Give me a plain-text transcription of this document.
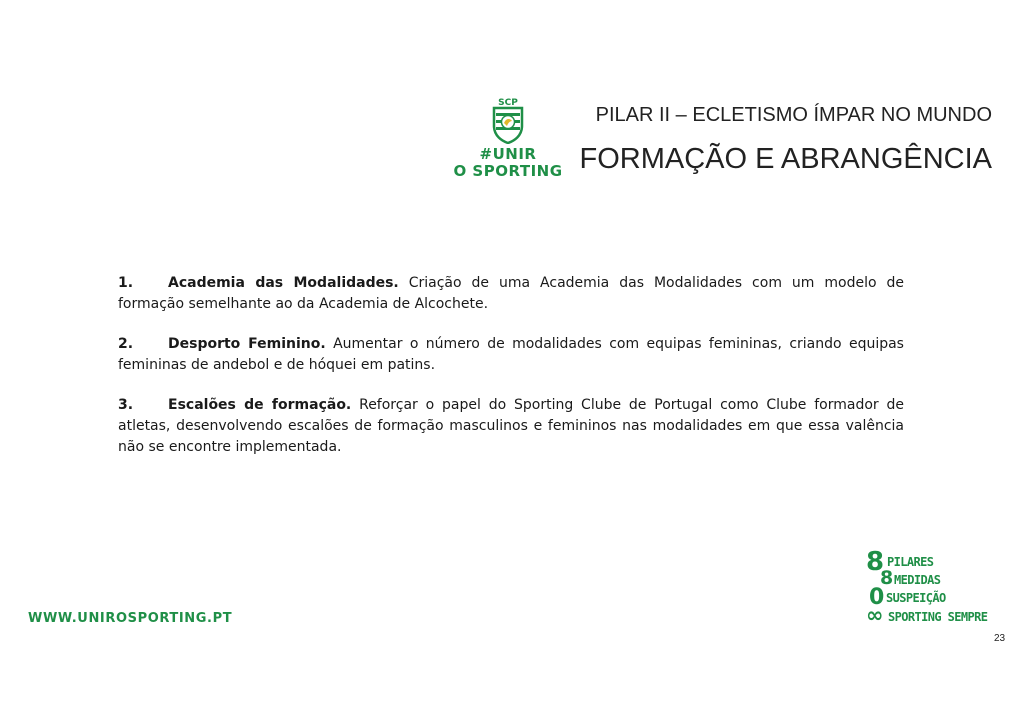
SCP
#UNIR
O SPORTING
PILAR II – ECLETISMO ÍMPAR NO MUNDO
FORMAÇÃO E ABRANGÊNCIA

1. Academia das Modalidades. Criação de uma Academia das Modalidades com um modelo de formação semelhante ao da Academia de Alcochete.

2. Desporto Feminino. Aumentar o número de modalidades com equipas femininas, criando equipas femininas de andebol e de hóquei em patins.

3. Escalões de formação. Reforçar o papel do Sporting Clube de Portugal como Clube formador de atletas, desenvolvendo escalões de formação masculinos e femininos nas modalidades em que essa valência não se encontre implementada.

WWW.UNIROSPORTING.PT
8 PILARES
8 MEDIDAS
0 SUSPEIÇÃO
∞ SPORTING SEMPRE
23
